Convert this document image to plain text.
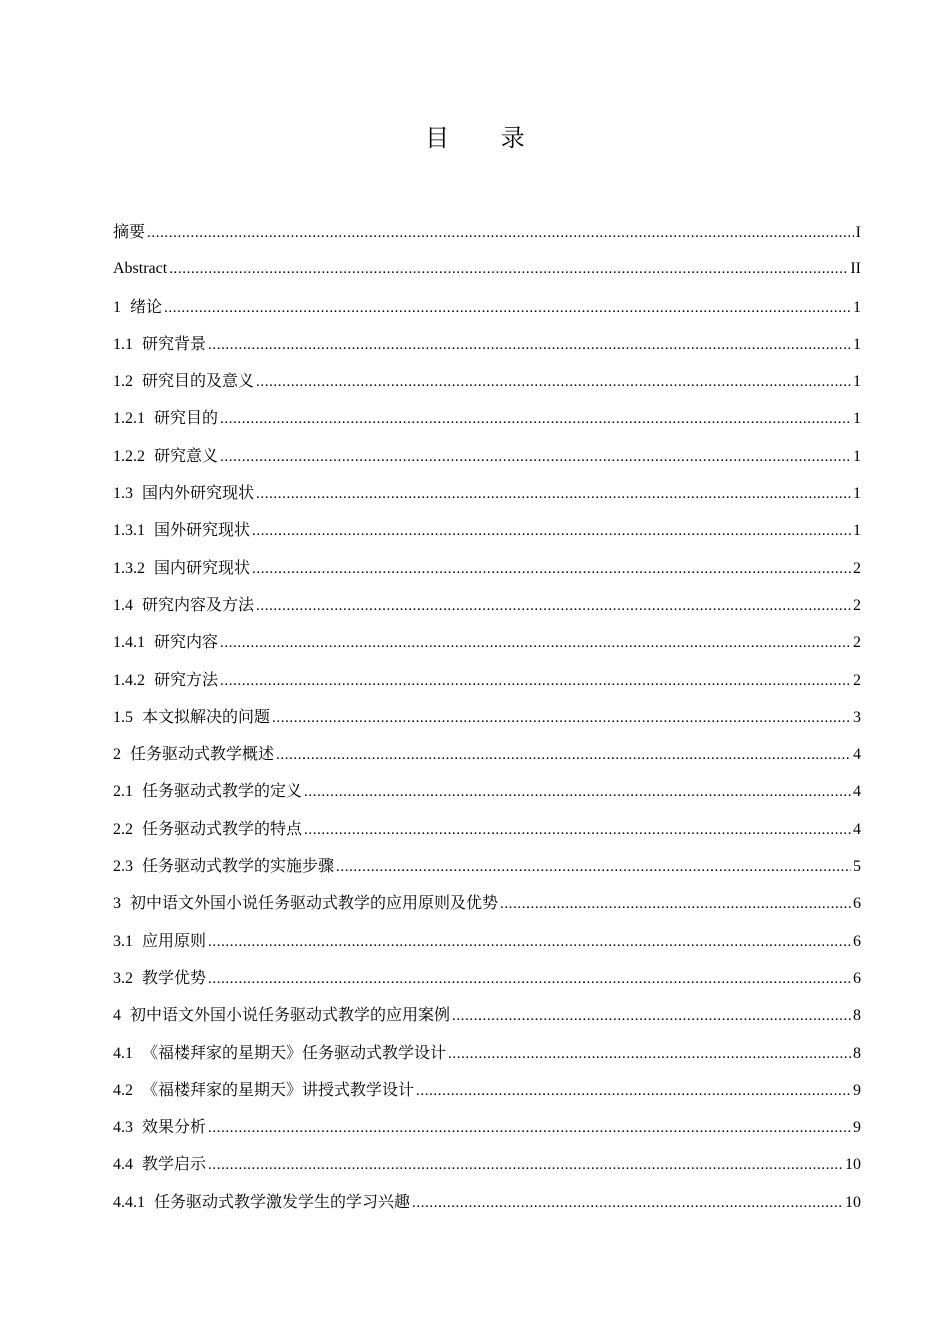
目 录
摘要 .....	I
Abstract .....	II
1 绪论 .....	1
1.1 研究背景 .....	1
1.2 研究目的及意义 .....	1
1.2.1 研究目的 .....	1
1.2.2 研究意义 .....	1
1.3 国内外研究现状 .....	1
1.3.1 国外研究现状 .....	1
1.3.2 国内研究现状 .....	2
1.4 研究内容及方法 .....	2
1.4.1 研究内容 .....	2
1.4.2 研究方法 .....	2
1.5 本文拟解决的问题 .....	3
2 任务驱动式教学概述 .....	4
2.1 任务驱动式教学的定义 .....	4
2.2 任务驱动式教学的特点 .....	4
2.3 任务驱动式教学的实施步骤 .....	5
3 初中语文外国小说任务驱动式教学的应用原则及优势 .....	6
3.1 应用原则 .....	6
3.2 教学优势 .....	6
4 初中语文外国小说任务驱动式教学的应用案例 .....	8
4.1 《福楼拜家的星期天》任务驱动式教学设计 .....	8
4.2 《福楼拜家的星期天》讲授式教学设计 .....	9
4.3 效果分析 .....	9
4.4 教学启示 .....	10
4.4.1 任务驱动式教学激发学生的学习兴趣 .....	10
